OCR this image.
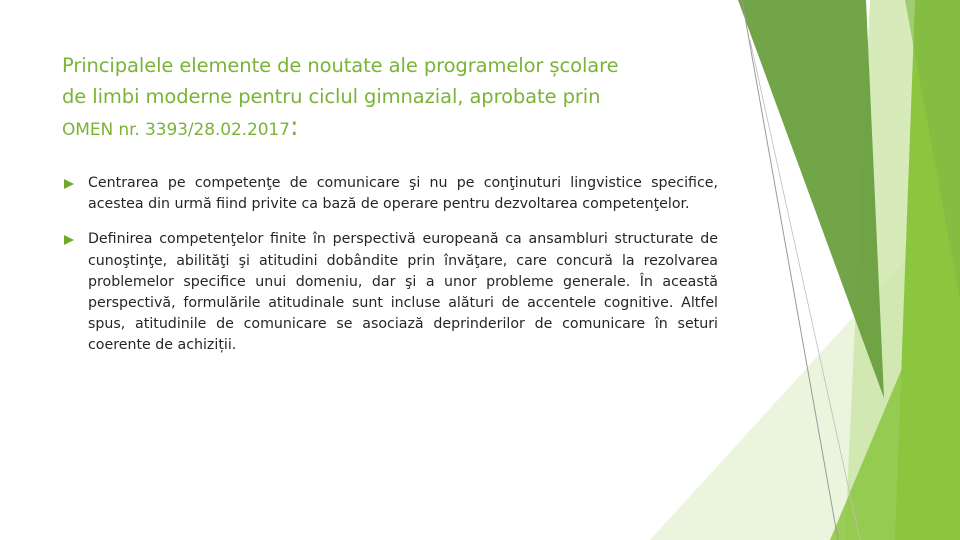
Principalele elemente de noutate ale programelor școlare
de limbi moderne pentru ciclul gimnazial, aprobate prin
OMEN nr. 3393/28.02.2017:
Centrarea pe competenţe de comunicare şi nu pe conţinuturi lingvistice specifice, acestea din urmă fiind privite ca bază de operare pentru dezvoltarea competenţelor.
Definirea competenţelor finite în perspectivă europeană ca ansambluri structurate de cunoştinţe, abilităţi şi atitudini dobândite prin învăţare, care concură la rezolvarea problemelor specifice unui domeniu, dar şi a unor probleme generale. În această perspectivă, formulările atitudinale sunt incluse alături de accentele cognitive. Altfel spus, atitudinile de comunicare se asociază deprinderilor de comunicare în seturi coerente de achiziții.
